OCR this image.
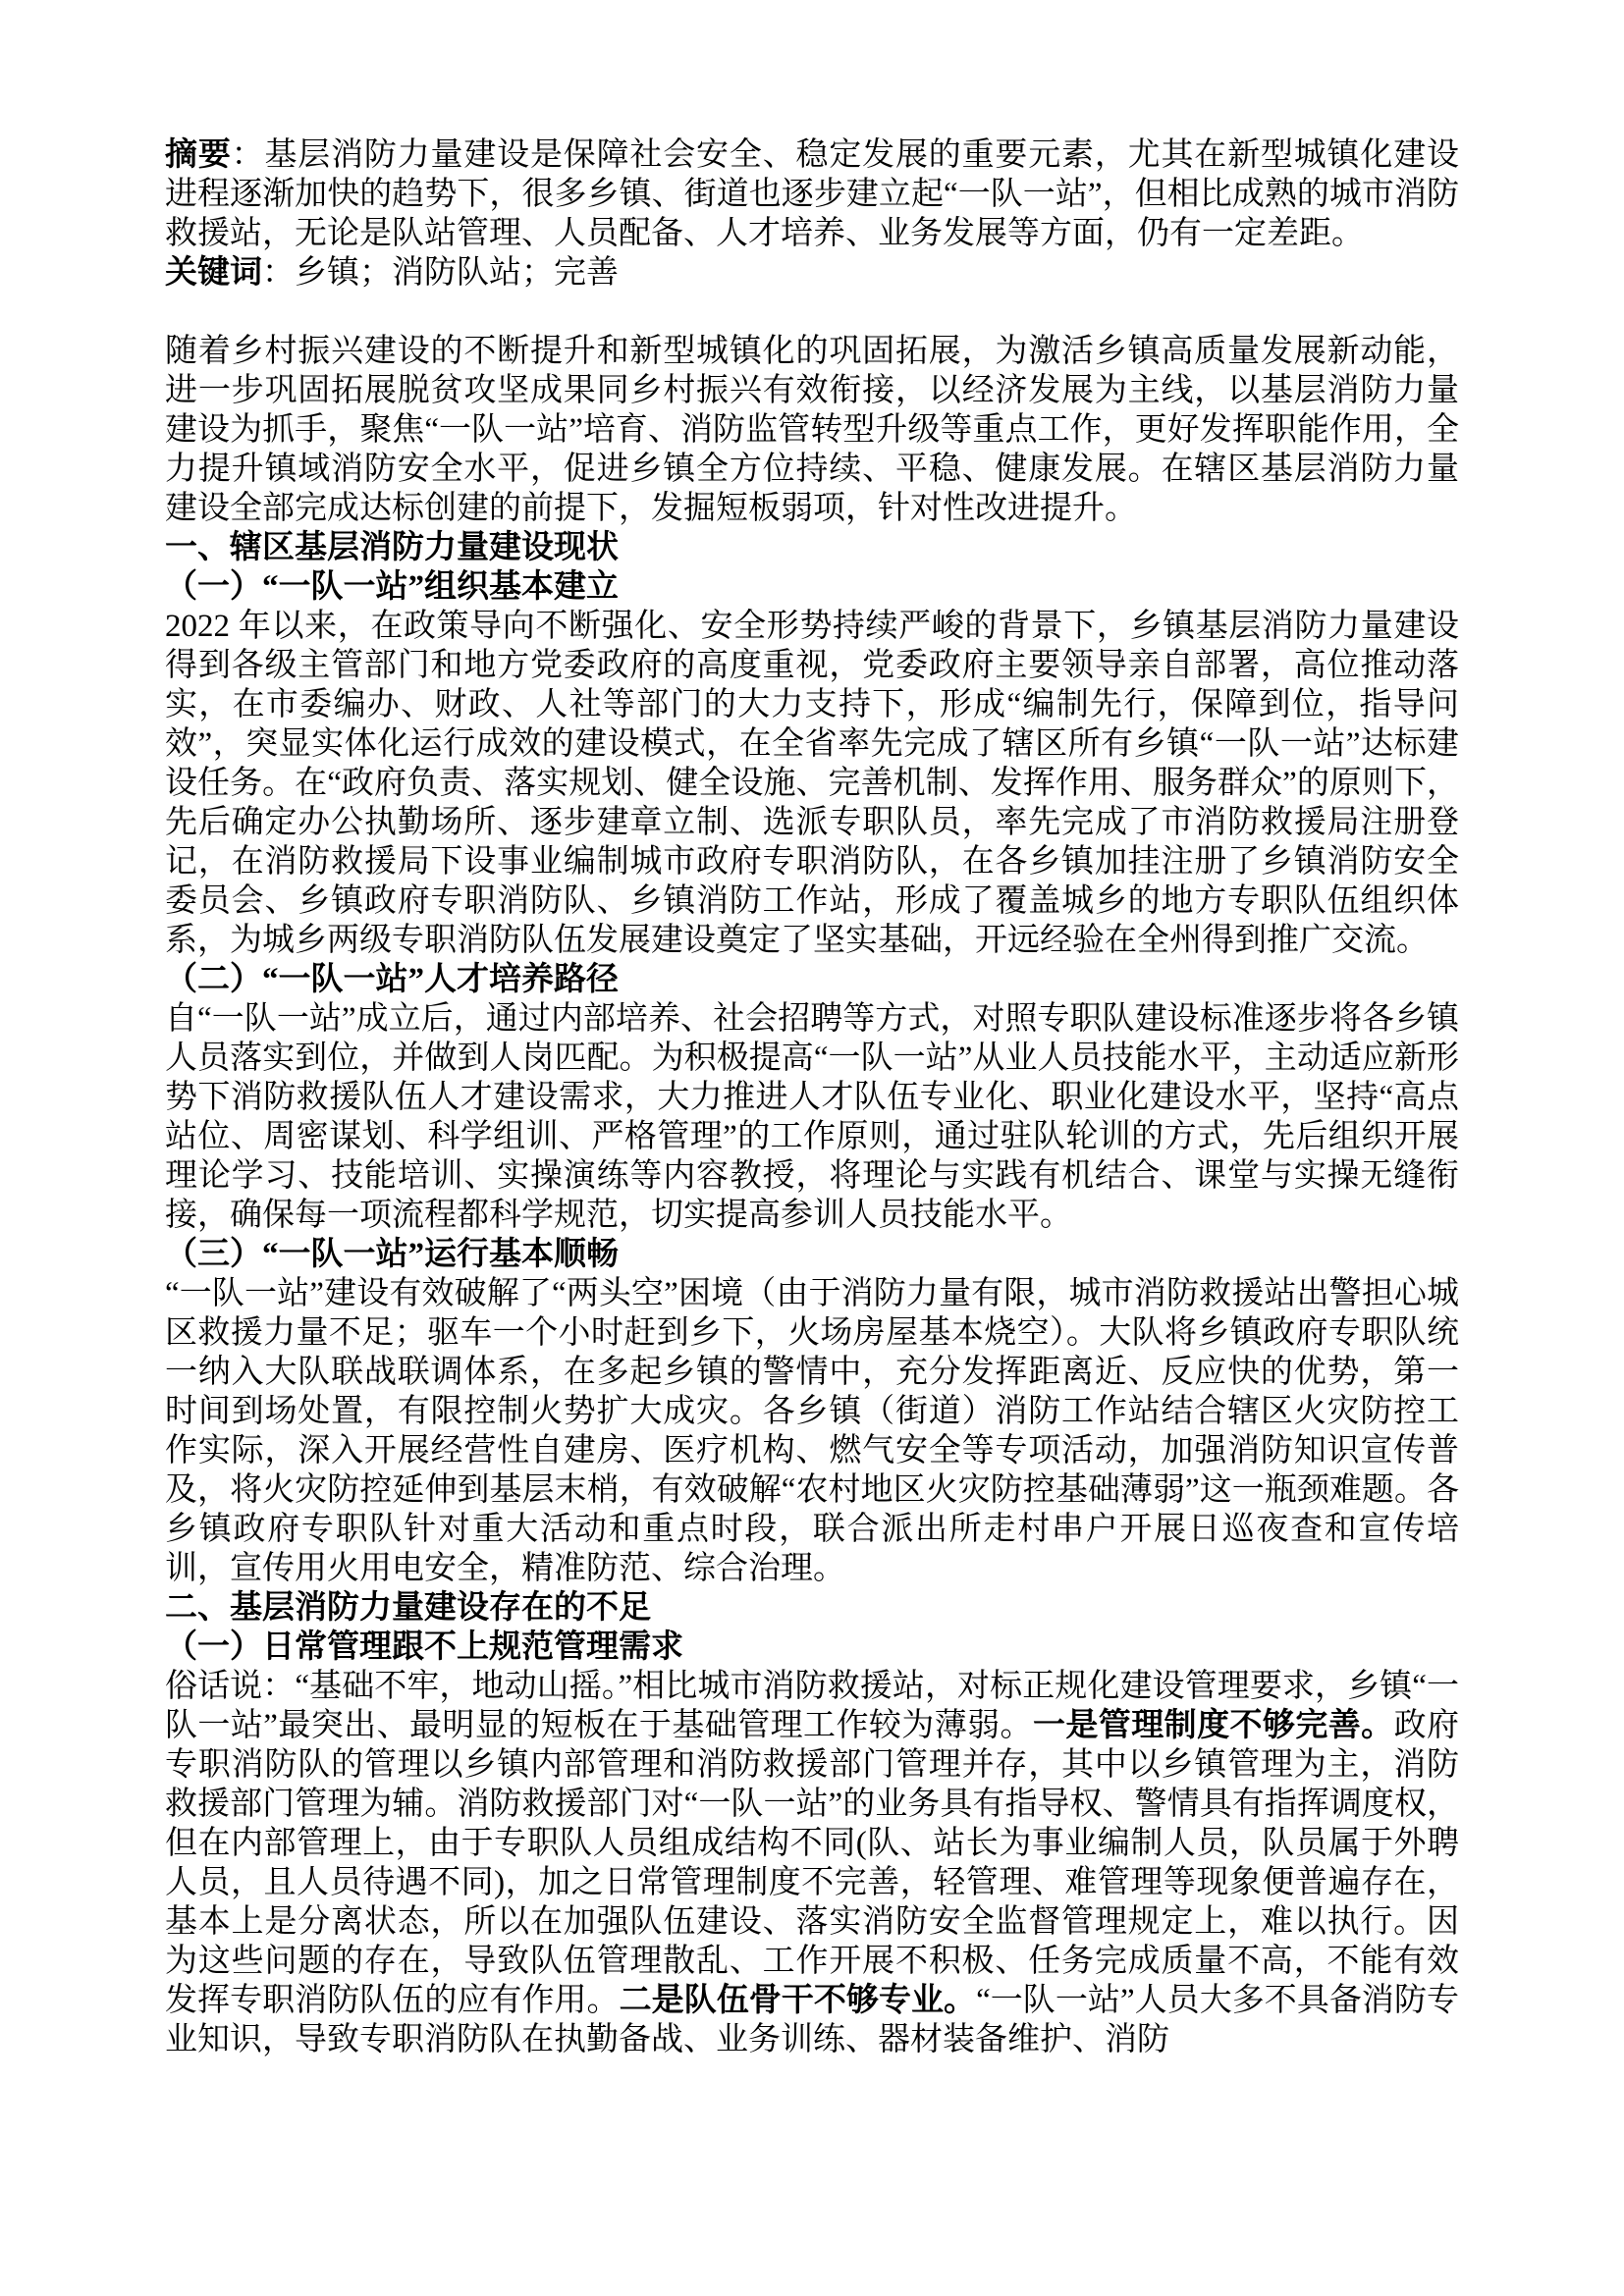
摘要：基层消防力量建设是保障社会安全、稳定发展的重要元素，尤其在新型城镇化建设进程逐渐加快的趋势下，很多乡镇、街道也逐步建立起“一队一站”，但相比成熟的城市消防救援站，无论是队站管理、人员配备、人才培养、业务发展等方面，仍有一定差距。

关键词：乡镇；消防队站；完善

随着乡村振兴建设的不断提升和新型城镇化的巩固拓展，为激活乡镇高质量发展新动能，进一步巩固拓展脱贫攻坚成果同乡村振兴有效衔接，以经济发展为主线，以基层消防力量建设为抓手，聚焦“一队一站”培育、消防监管转型升级等重点工作，更好发挥职能作用，全力提升镇域消防安全水平，促进乡镇全方位持续、平稳、健康发展。在辖区基层消防力量建设全部完成达标创建的前提下，发掘短板弱项，针对性改进提升。

一、辖区基层消防力量建设现状

（一）“一队一站”组织基本建立

2022 年以来，在政策导向不断强化、安全形势持续严峻的背景下，乡镇基层消防力量建设得到各级主管部门和地方党委政府的高度重视，党委政府主要领导亲自部署，高位推动落实，在市委编办、财政、人社等部门的大力支持下，形成“编制先行，保障到位，指导问效”，突显实体化运行成效的建设模式，在全省率先完成了辖区所有乡镇“一队一站”达标建设任务。在“政府负责、落实规划、健全设施、完善机制、发挥作用、服务群众”的原则下，先后确定办公执勤场所、逐步建章立制、选派专职队员，率先完成了市消防救援局注册登记，在消防救援局下设事业编制城市政府专职消防队，在各乡镇加挂注册了乡镇消防安全委员会、乡镇政府专职消防队、乡镇消防工作站，形成了覆盖城乡的地方专职队伍组织体系，为城乡两级专职消防队伍发展建设奠定了坚实基础，开远经验在全州得到推广交流。

（二）“一队一站”人才培养路径

自“一队一站”成立后，通过内部培养、社会招聘等方式，对照专职队建设标准逐步将各乡镇人员落实到位，并做到人岗匹配。为积极提高“一队一站”从业人员技能水平，主动适应新形势下消防救援队伍人才建设需求，大力推进人才队伍专业化、职业化建设水平，坚持“高点站位、周密谋划、科学组训、严格管理”的工作原则，通过驻队轮训的方式，先后组织开展理论学习、技能培训、实操演练等内容教授，将理论与实践有机结合、课堂与实操无缝衔接，确保每一项流程都科学规范，切实提高参训人员技能水平。

（三）“一队一站”运行基本顺畅

“一队一站”建设有效破解了“两头空”困境（由于消防力量有限，城市消防救援站出警担心城区救援力量不足；驱车一个小时赶到乡下，火场房屋基本烧空）。大队将乡镇政府专职队统一纳入大队联战联调体系，在多起乡镇的警情中，充分发挥距离近、反应快的优势，第一时间到场处置，有限控制火势扩大成灾。各乡镇（街道）消防工作站结合辖区火灾防控工作实际，深入开展经营性自建房、医疗机构、燃气安全等专项活动，加强消防知识宣传普及，将火灾防控延伸到基层末梢，有效破解“农村地区火灾防控基础薄弱”这一瓶颈难题。各乡镇政府专职队针对重大活动和重点时段，联合派出所走村串户开展日巡夜查和宣传培训，宣传用火用电安全，精准防范、综合治理。

二、基层消防力量建设存在的不足

（一）日常管理跟不上规范管理需求

俗话说：“基础不牢，地动山摇。”相比城市消防救援站，对标正规化建设管理要求，乡镇“一队一站”最突出、最明显的短板在于基础管理工作较为薄弱。一是管理制度不够完善。政府专职消防队的管理以乡镇内部管理和消防救援部门管理并存，其中以乡镇管理为主，消防救援部门管理为辅。消防救援部门对“一队一站”的业务具有指导权、警情具有指挥调度权，但在内部管理上，由于专职队人员组成结构不同(队、站长为事业编制人员，队员属于外聘人员，且人员待遇不同)，加之日常管理制度不完善，轻管理、难管理等现象便普遍存在，基本上是分离状态，所以在加强队伍建设、落实消防安全监督管理规定上，难以执行。因为这些问题的存在，导致队伍管理散乱、工作开展不积极、任务完成质量不高，不能有效发挥专职消防队伍的应有作用。二是队伍骨干不够专业。“一队一站”人员大多不具备消防专业知识，导致专职消防队在执勤备战、业务训练、器材装备维护、消防
